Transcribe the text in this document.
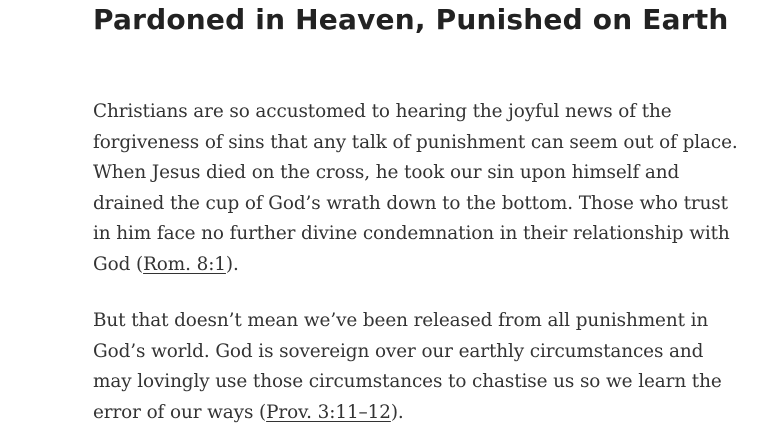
Pardoned in Heaven, Punished on Earth

Christians are so accustomed to hearing the joyful news of the forgiveness of sins that any talk of punishment can seem out of place. When Jesus died on the cross, he took our sin upon himself and drained the cup of God’s wrath down to the bottom. Those who trust in him face no further divine condemnation in their relationship with God (Rom. 8:1).

But that doesn’t mean we’ve been released from all punishment in God’s world. God is sovereign over our earthly circumstances and may lovingly use those circumstances to chastise us so we learn the error of our ways (Prov. 3:11–12).
